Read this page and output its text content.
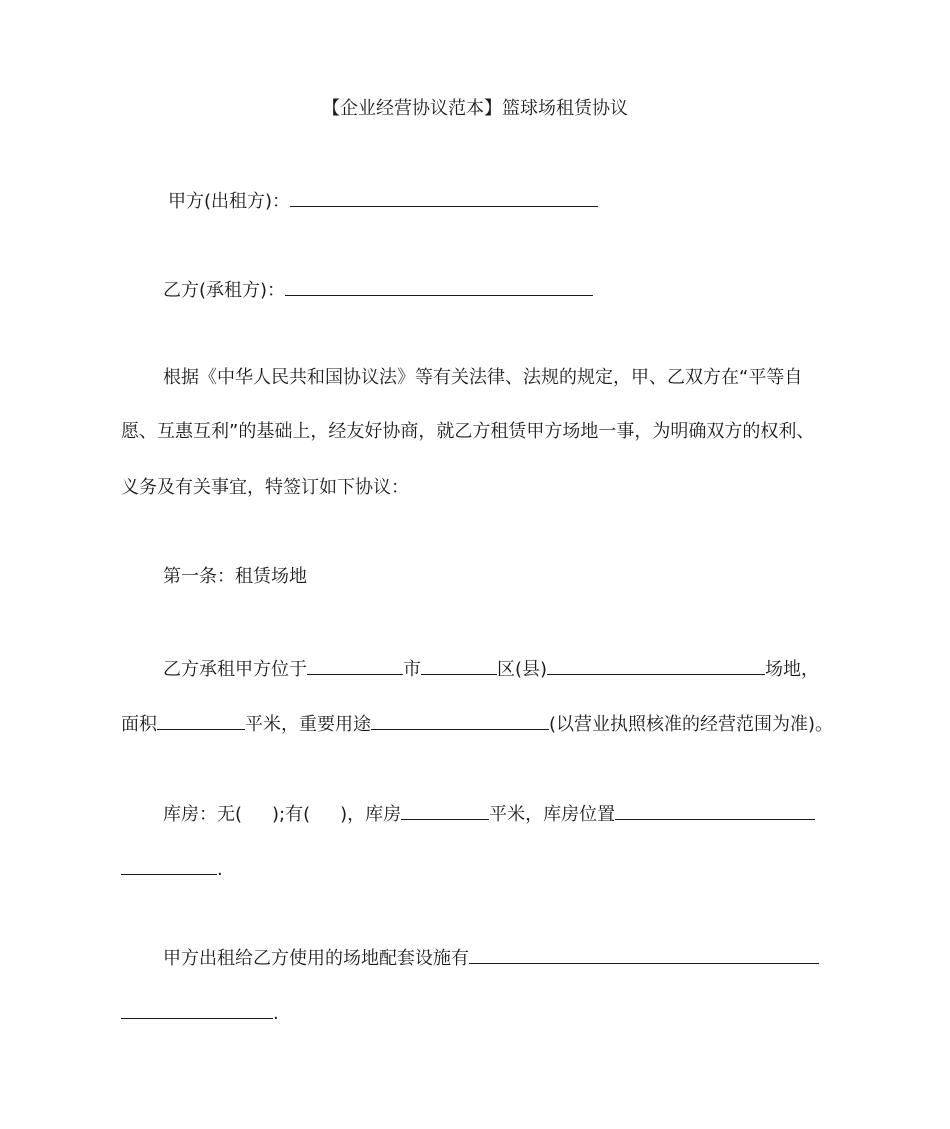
【企业经营协议范本】篮球场租赁协议
甲方(出租方)：
乙方(承租方)：
根据《中华人民共和国协议法》等有关法律、法规的规定，甲、乙双方在“平等自
愿、互惠互利”的基础上，经友好协商，就乙方租赁甲方场地一事，为明确双方的权利、
义务及有关事宜，特签订如下协议：
第一条：租赁场地
乙方承租甲方位于	市	区(县)	场地，
面积	平米，重要用途	(以营业执照核准的经营范围为准)。
库房：无( );有( )，库房	平米，库房位置
.
甲方出租给乙方使用的场地配套设施有
.
